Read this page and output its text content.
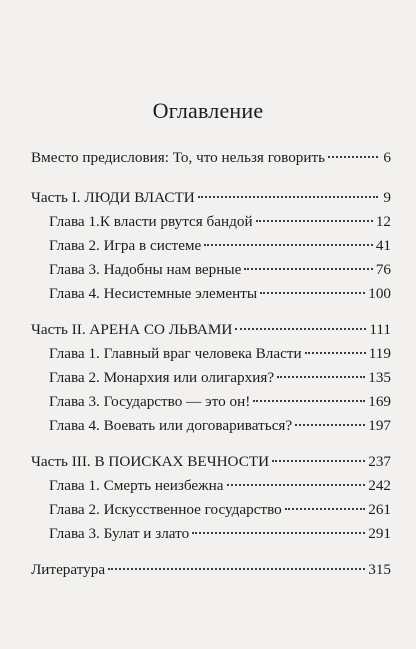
Оглавление
Вместо предисловия: То, что нельзя говорить	6
Часть I. ЛЮДИ ВЛАСТИ	9
Глава 1.К власти рвутся бандой	12
Глава 2. Игра в системе	41
Глава 3. Надобны нам верные	76
Глава 4. Несистемные элементы	100
Часть II. АРЕНА СО ЛЬВАМИ	111
Глава 1. Главный враг человека Власти	119
Глава 2. Монархия или олигархия?	135
Глава 3. Государство — это он!	169
Глава 4. Воевать или договариваться?	197
Часть III. В ПОИСКАХ ВЕЧНОСТИ	237
Глава 1. Смерть неизбежна	242
Глава 2. Искусственное государство	261
Глава 3. Булат и злато	291
Литература	315
